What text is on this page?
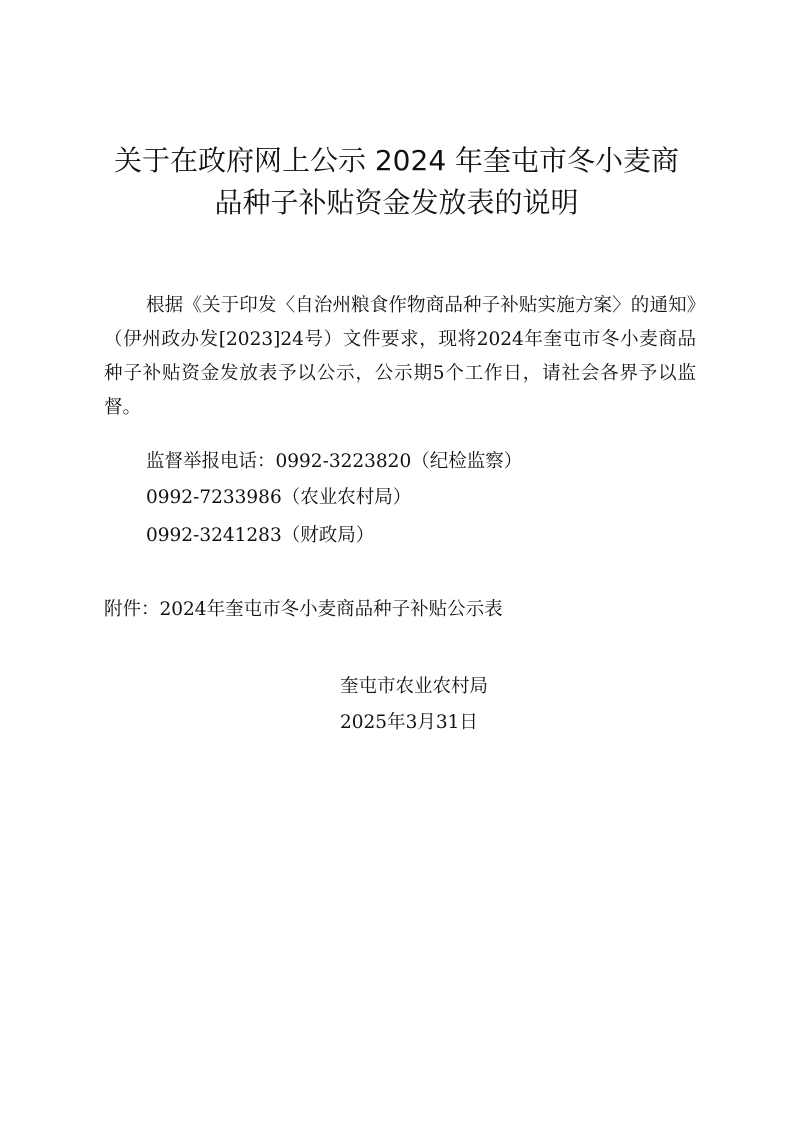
关于在政府网上公示 2024 年奎屯市冬小麦商
品种子补贴资金发放表的说明

根据《关于印发〈自治州粮食作物商品种子补贴实施方案〉的通知》（伊州政办发[2023]24号）文件要求，现将2024年奎屯市冬小麦商品种子补贴资金发放表予以公示，公示期5个工作日，请社会各界予以监督。

监督举报电话：0992-3223820（纪检监察）
0992-7233986（农业农村局）
0992-3241283（财政局）
附件：2024年奎屯市冬小麦商品种子补贴公示表
奎屯市农业农村局
2025年3月31日
